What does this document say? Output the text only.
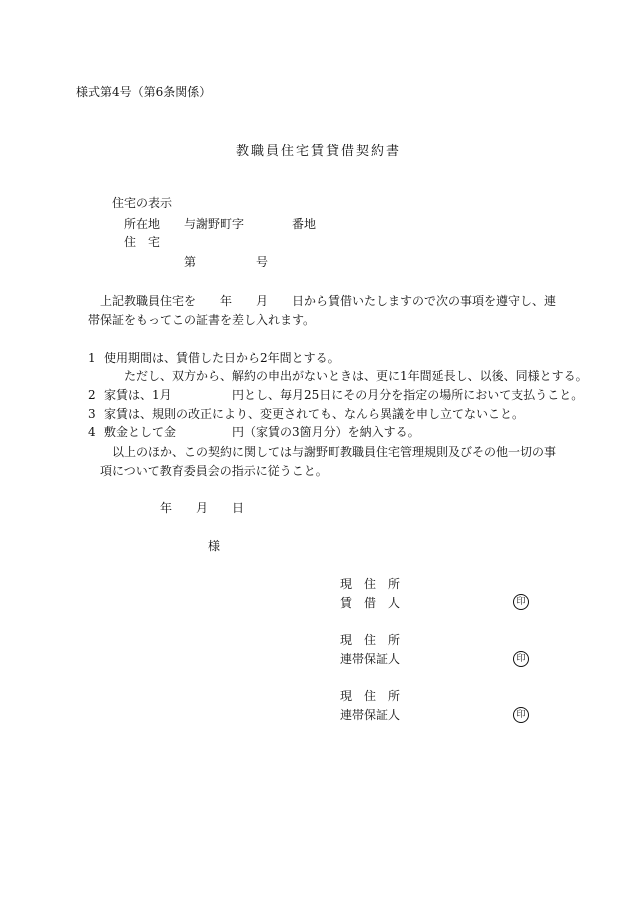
様式第4号（第6条関係）
教職員住宅賃貸借契約書
住宅の表示
所在地 与謝野町字	番地
住　宅
第	号
上記教職員住宅を 年 月 日から賃借いたしますので次の事項を遵守し、連
帯保証をもってこの証書を差し入れます。
1 使用期間は、賃借した日から2年間とする。
ただし、双方から、解約の申出がないときは、更に1年間延長し、以後、同様とする。
2 家賃は、1月	円とし、毎月25日にその月分を指定の場所において支払うこと。
3 家賃は、規則の改正により、変更されても、なんら異議を申し立てないこと。
4 敷金として金	円（家賃の3箇月分）を納入する。
以上のほか、この契約に関しては与謝野町教職員住宅管理規則及びその他一切の事
項について教育委員会の指示に従うこと。
年 月 日
様
現　住　所
賃　借　人	印
現　住　所
連帯保証人	印
現　住　所
連帯保証人	印
